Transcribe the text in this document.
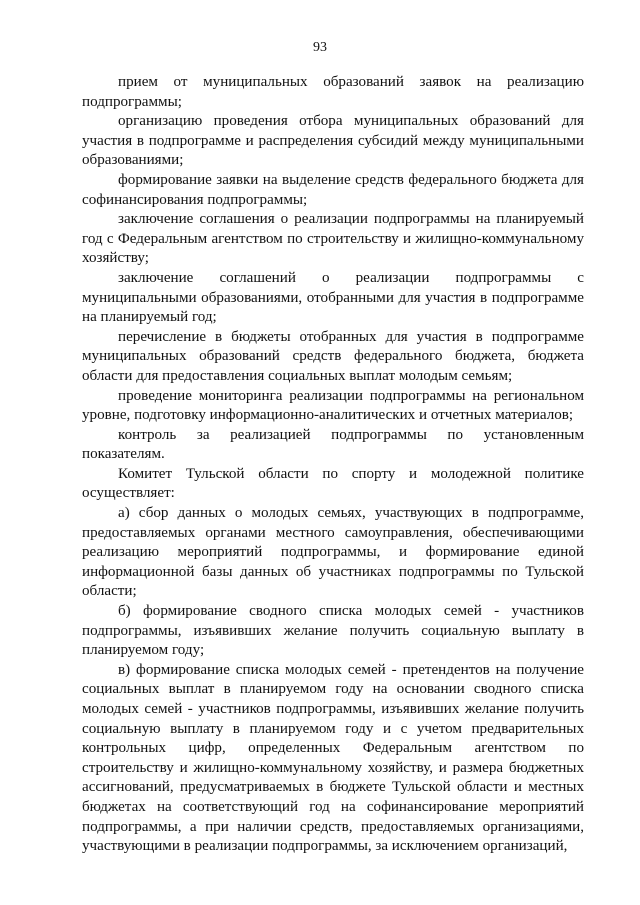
93

прием от муниципальных образований заявок на реализацию подпрограммы;

организацию проведения отбора муниципальных образований для участия в подпрограмме и распределения субсидий между муниципальными образованиями;

формирование заявки на выделение средств федерального бюджета для софинансирования подпрограммы;

заключение соглашения о реализации подпрограммы на планируемый год с Федеральным агентством по строительству и жилищно-коммунальному хозяйству;

заключение соглашений о реализации подпрограммы с муниципальными образованиями, отобранными для участия в подпрограмме на планируемый год;

перечисление в бюджеты отобранных для участия в подпрограмме муниципальных образований средств федерального бюджета, бюджета области для предоставления социальных выплат молодым семьям;

проведение мониторинга реализации подпрограммы на региональном уровне, подготовку информационно-аналитических и отчетных материалов;

контроль за реализацией подпрограммы по установленным показателям.

Комитет Тульской области по спорту и молодежной политике осуществляет:

а) сбор данных о молодых семьях, участвующих в подпрограмме, предоставляемых органами местного самоуправления, обеспечивающими реализацию мероприятий подпрограммы, и формирование единой информационной базы данных об участниках подпрограммы по Тульской области;

б) формирование сводного списка молодых семей - участников подпрограммы, изъявивших желание получить социальную выплату в планируемом году;

в) формирование списка молодых семей - претендентов на получение социальных выплат в планируемом году на основании сводного списка молодых семей - участников подпрограммы, изъявивших желание получить социальную выплату в планируемом году и с учетом предварительных контрольных цифр, определенных Федеральным агентством по строительству и жилищно-коммунальному хозяйству, и размера бюджетных ассигнований, предусматриваемых в бюджете Тульской области и местных бюджетах на соответствующий год на софинансирование мероприятий подпрограммы, а при наличии средств, предоставляемых организациями, участвующими в реализации подпрограммы, за исключением организаций,
